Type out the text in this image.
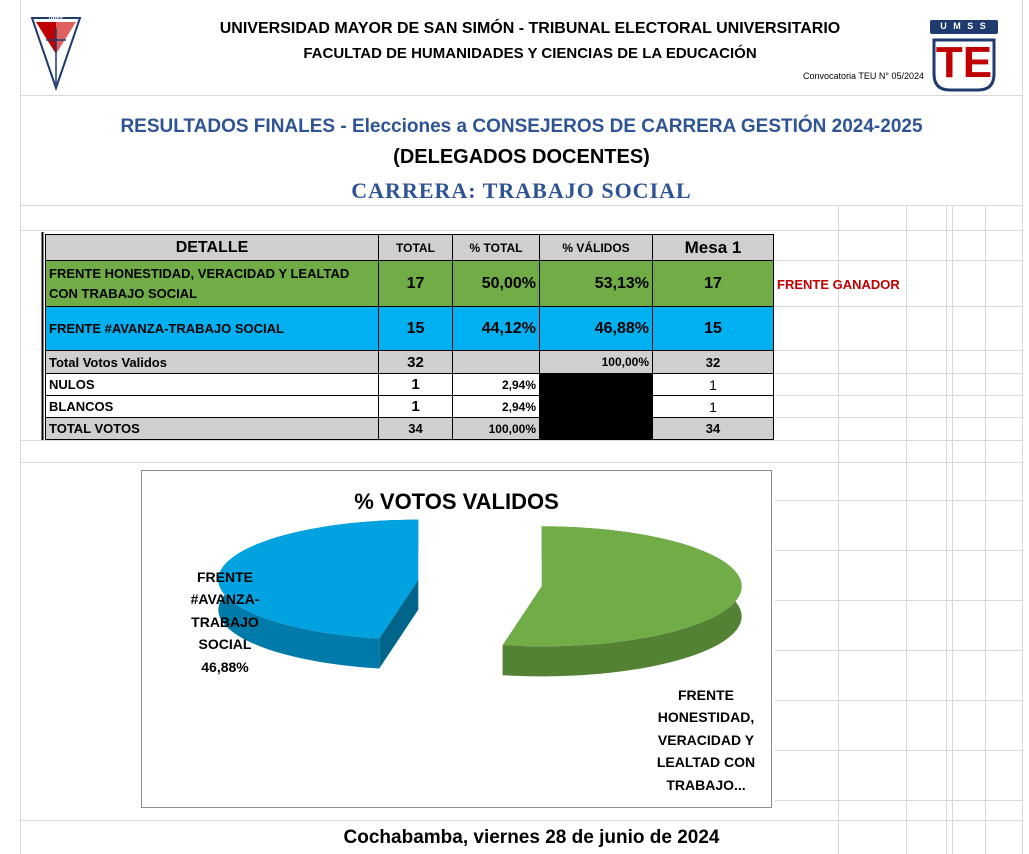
UMSS
U M S S
TE
UNIVERSIDAD MAYOR DE SAN SIMÓN - TRIBUNAL ELECTORAL UNIVERSITARIO
FACULTAD DE HUMANIDADES Y CIENCIAS DE LA EDUCACIÓN
Convocatoria TEU N° 05/2024
RESULTADOS FINALES - Elecciones a CONSEJEROS DE CARRERA GESTIÓN 2024-2025
(DELEGADOS DOCENTES)
CARRERA: TRABAJO SOCIAL
DETALLE	TOTAL	% TOTAL	% VÁLIDOS	Mesa 1
FRENTE HONESTIDAD, VERACIDAD Y LEALTAD CON TRABAJO SOCIAL	17	50,00%	53,13%	17
FRENTE #AVANZA-TRABAJO SOCIAL	15	44,12%	46,88%	15
Total Votos Validos	32		100,00%	32
NULOS	1	2,94%		1
BLANCOS	1	2,94%		1
TOTAL VOTOS	34	100,00%		34
FRENTE GANADOR
% VOTOS VALIDOS
FRENTE #AVANZA-TRABAJO SOCIAL 46,88%
FRENTE HONESTIDAD, VERACIDAD Y LEALTAD CON TRABAJO...
Cochabamba, viernes 28 de junio de 2024
